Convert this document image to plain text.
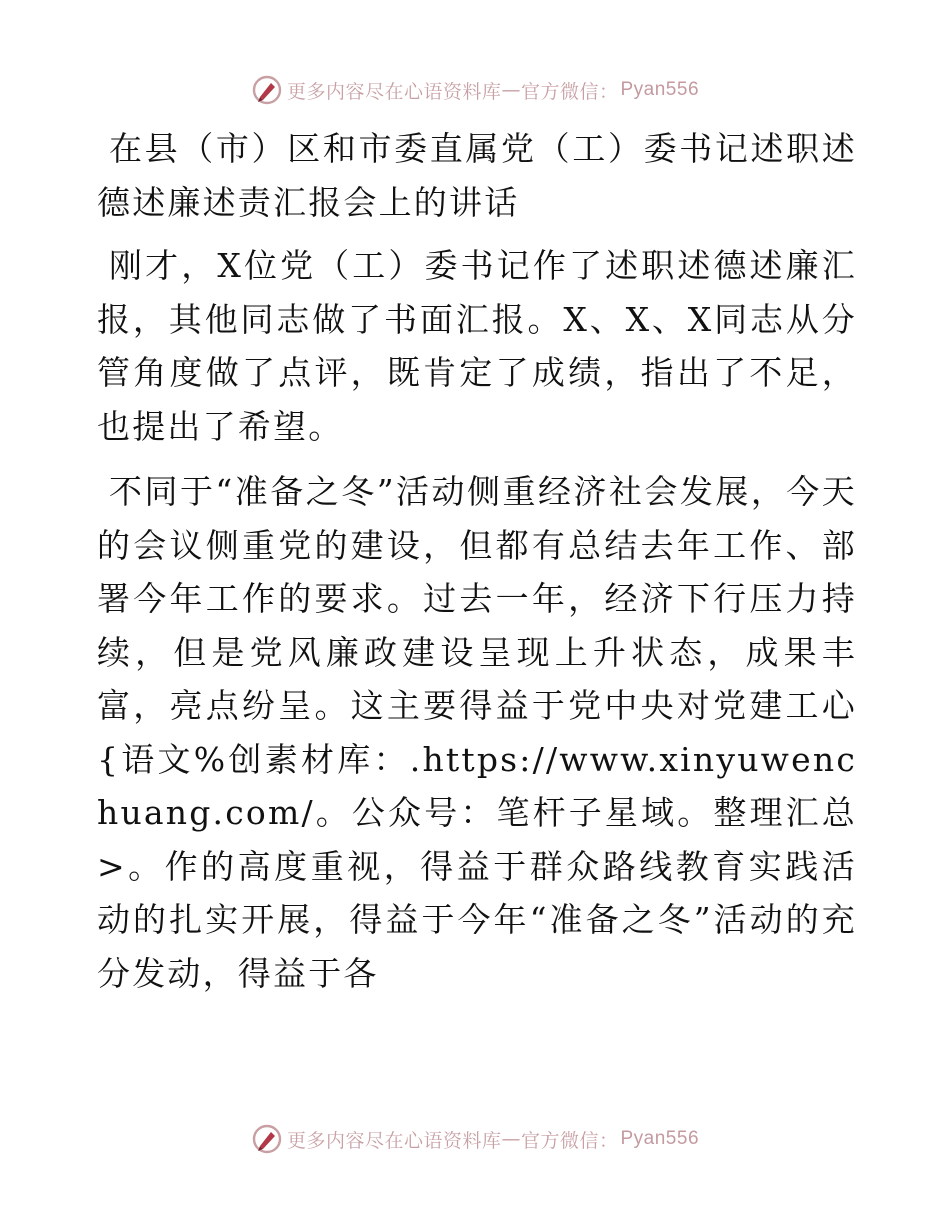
更多内容尽在心语资料库 — 官方微信： Pyan556

在县（市）区和市委直属党（工）委书记述职述德述廉述责汇报会上的讲话

刚才，X位党（工）委书记作了述职述德述廉汇报，其他同志做了书面汇报。X、X、X同志从分管角度做了点评，既肯定了成绩，指出了不足，也提出了希望。

不同于“准备之冬”活动侧重经济社会发展，今天的会议侧重党的建设，但都有总结去年工作、部署今年工作的要求。过去一年，经济下行压力持续，但是党风廉政建设呈现上升状态，成果丰富，亮点纷呈。这主要得益于党中央对党建工心{语文%创素材库：.https://www.xinyuwenchuang.com/。公众号：笔杆子星域。整理汇总>。作的高度重视，得益于群众路线教育实践活动的扎实开展，得益于今年“准备之冬”活动的充分发动，得益于各

更多内容尽在心语资料库 — 官方微信： Pyan556
